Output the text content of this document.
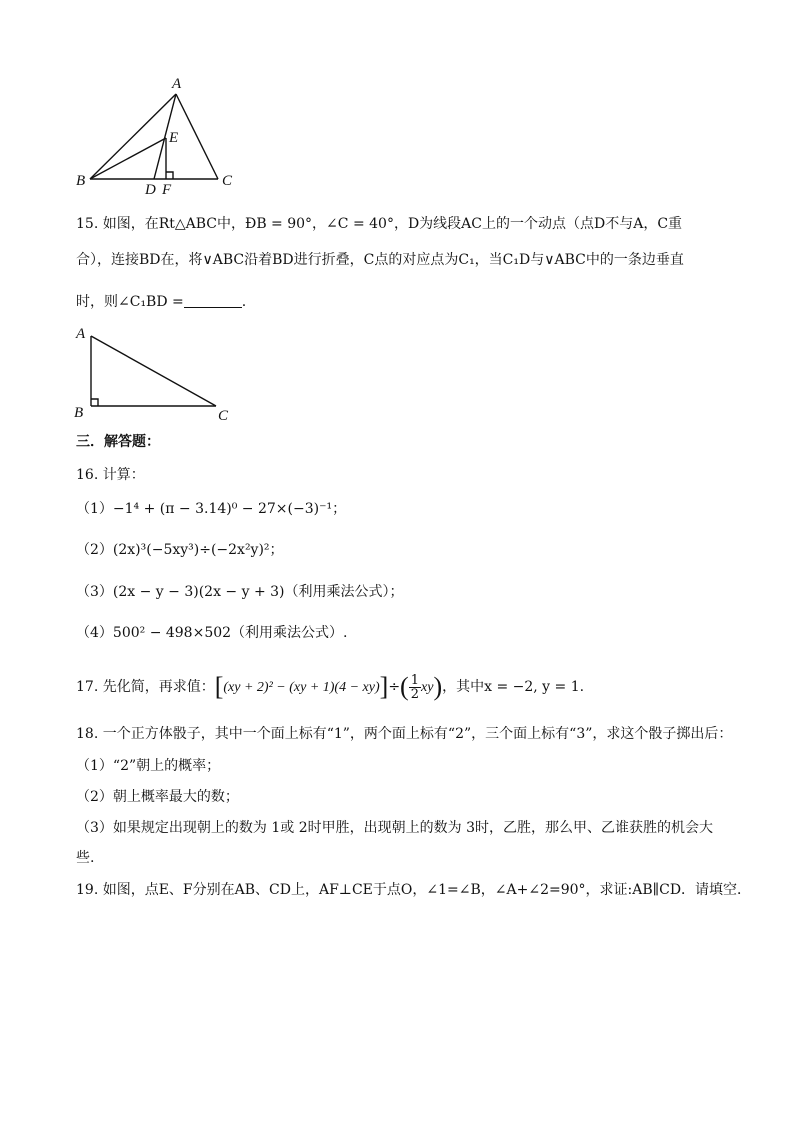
A
E
B
D F
C
15. 如图，在Rt△ABC中，ÐB = 90°，∠C = 40°，D为线段AC上的一个动点（点D不与A，C重
合），连接BD在，将∨ABC沿着BD进行折叠，C点的对应点为C₁，当C₁D与∨ABC中的一条边垂直
时，则∠C₁BD =	.
A
B	C
三．解答题：
16. 计算：
（1）−1⁴ + (π − 3.14)⁰ − 27×(−3)⁻¹；
（2）(2x)³(−5xy³)÷(−2x²y)²；
（3）(2x − y − 3)(2x − y + 3)（利用乘法公式）；
（4）500² − 498×502（利用乘法公式）.
17. 先化简，再求值：$[(xy + 2)^2 - (xy + 1)(4 - xy)]\div( \frac{1}{2} xy)$，其中x = −2, y = 1.
18. 一个正方体骰子，其中一个面上标有“1”，两个面上标有“2”，三个面上标有“3”，求这个骰子掷出后：
（1）“2”朝上的概率；
（2）朝上概率最大的数；
（3）如果规定出现朝上的数为 1或 2时甲胜，出现朝上的数为 3时，乙胜，那么甲、乙谁获胜的机会大
些.
19. 如图，点E、F分别在AB、CD上，AF⊥CE于点O，∠1=∠B，∠A+∠2=90°，求证:AB∥CD．请填空．
